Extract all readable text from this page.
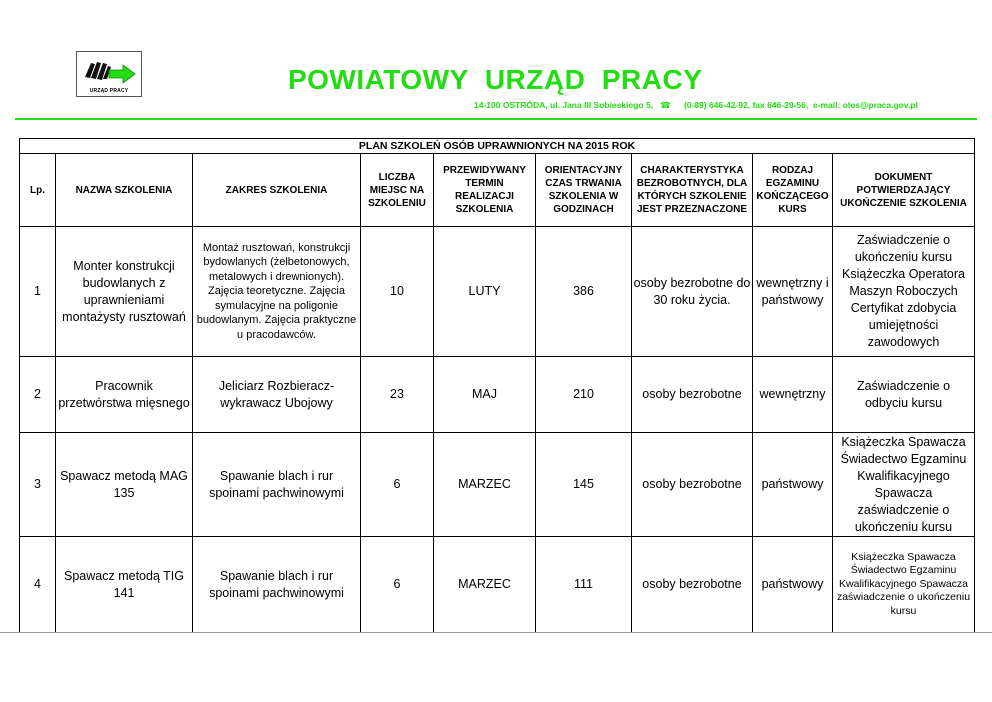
URZĄD PRACY	POWIATOWY  URZĄD  PRACY
14-100 OSTRÓDA, ul. Jana III Sobieskiego 5, ☎ (0-89) 646-42-92, fax 646-29-56,  e-mail: olos@praca.gov.pl
PLAN SZKOLEŃ OSÓB UPRAWNIONYCH NA 2015 ROK								
Lp.	NAZWA SZKOLENIA	ZAKRES SZKOLENIA	LICZBA MIEJSC NA SZKOLENIU	PRZEWIDYWANY TERMIN REALIZACJI SZKOLENIA	ORIENTACYJNY CZAS TRWANIA SZKOLENIA W GODZINACH	CHARAKTERYSTYKA BEZROBOTNYCH, DLA KTÓRYCH SZKOLENIE JEST PRZEZNACZONE	RODZAJ EGZAMINU KOŃCZĄCEGO KURS	DOKUMENT POTWIERDZAJĄCY UKOŃCZENIE SZKOLENIA
1	Monter konstrukcji budowlanych z uprawnieniami montażysty rusztowań	Montaż rusztowań, konstrukcji bydowlanych (żelbetonowych, metalowych i drewnionych). Zajęcia teoretyczne. Zajęcia symulacyjne na poligonie budowlanym. Zajęcia praktyczne u pracodawców.	10	LUTY	386	osoby bezrobotne do 30 roku życia.	wewnętrzny i państwowy	Zaświadczenie o ukończeniu kursu Książeczka Operatora Maszyn Roboczych Certyfikat zdobycia umiejętności zawodowych
2	Pracownik przetwórstwa mięsnego	Jeliciarz Rozbieracz-wykrawacz Ubojowy	23	MAJ	210	osoby bezrobotne	wewnętrzny	Zaświadczenie o odbyciu kursu
3	Spawacz metodą MAG 135	Spawanie blach i rur spoinami pachwinowymi	6	MARZEC	145	osoby bezrobotne	państwowy	Książeczka Spawacza Świadectwo Egzaminu Kwalifikacyjnego Spawacza zaświadczenie o ukończeniu kursu
4	Spawacz metodą TIG 141	Spawanie blach i rur spoinami pachwinowymi	6	MARZEC	111	osoby bezrobotne	państwowy	Książeczka Spawacza Świadectwo Egzaminu Kwalifikacyjnego Spawacza zaświadczenie o ukończeniu kursu
